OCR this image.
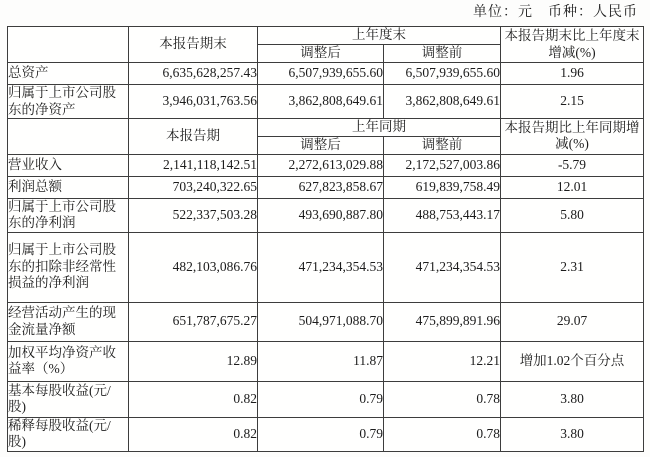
单位：元　币种：人民币
	本报告期末	上年度末		本报告期末比上年度末增减(%)
		调整后	调整前	
总资产	6,635,628,257.43	6,507,939,655.60	6,507,939,655.60	1.96
归属于上市公司股东的净资产	3,946,031,763.56	3,862,808,649.61	3,862,808,649.61	2.15
	本报告期	上年同期		本报告期比上年同期增减(%)
		调整后	调整前	
营业收入	2,141,118,142.51	2,272,613,029.88	2,172,527,003.86	-5.79
利润总额	703,240,322.65	627,823,858.67	619,839,758.49	12.01
归属于上市公司股东的净利润	522,337,503.28	493,690,887.80	488,753,443.17	5.80
归属于上市公司股东的扣除非经常性损益的净利润	482,103,086.76	471,234,354.53	471,234,354.53	2.31
经营活动产生的现金流量净额	651,787,675.27	504,971,088.70	475,899,891.96	29.07
加权平均净资产收益率（%）	12.89	11.87	12.21	增加1.02个百分点
基本每股收益(元/股)	0.82	0.79	0.78	3.80
稀释每股收益(元/股)	0.82	0.79	0.78	3.80
